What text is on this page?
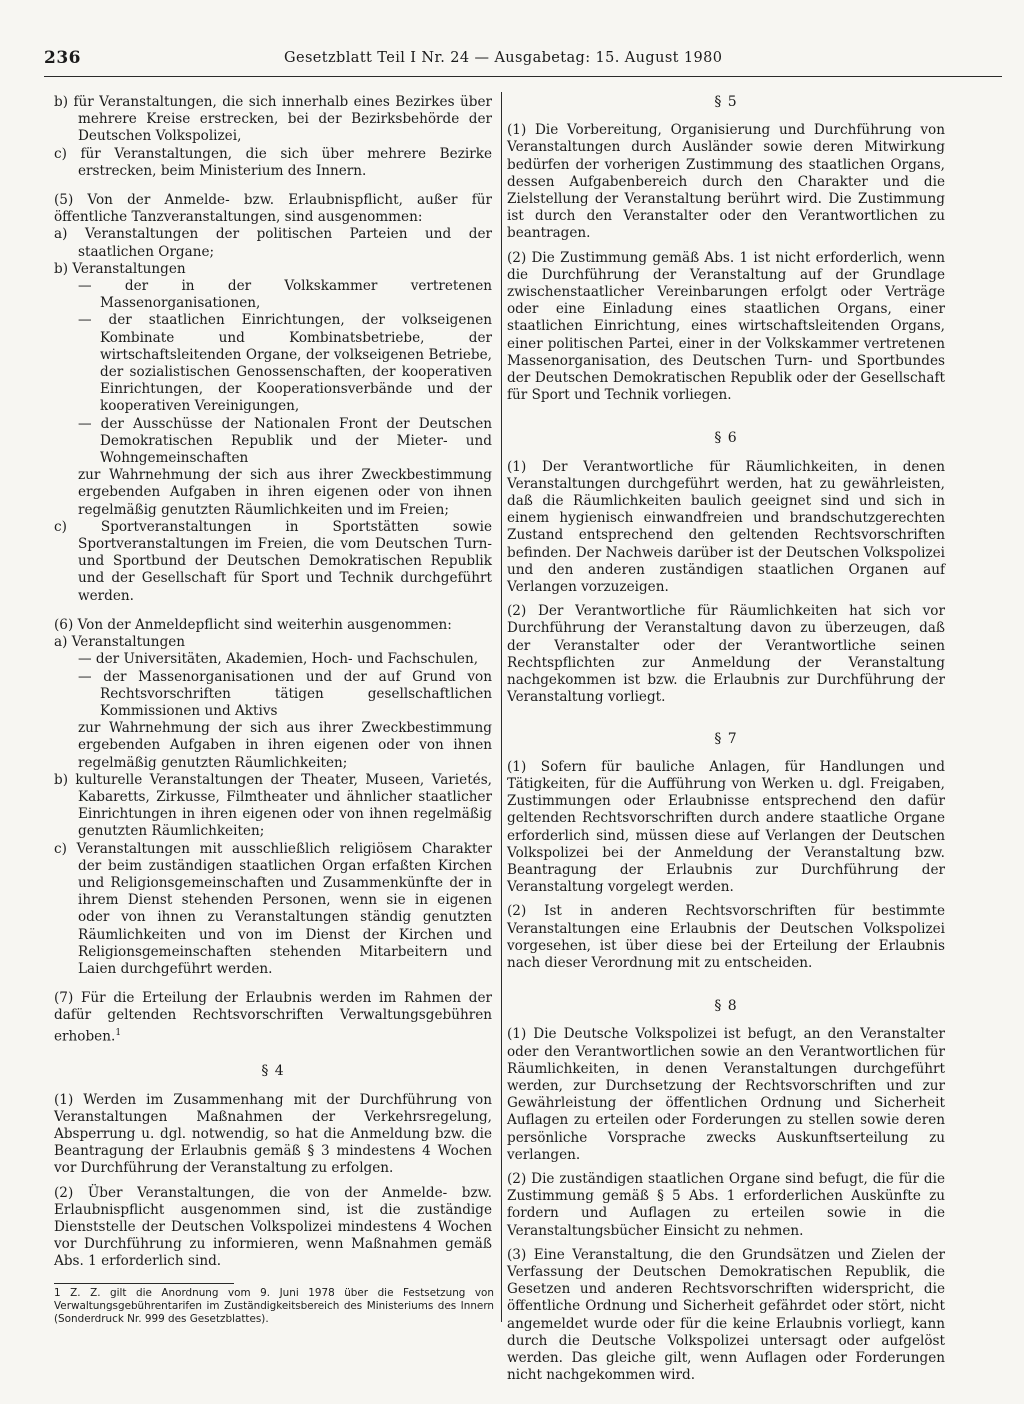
236	Gesetzblatt Teil I Nr. 24 — Ausgabetag: 15. August 1980

b) für Veranstaltungen, die sich innerhalb eines Bezirkes über mehrere Kreise erstrecken, bei der Bezirksbehörde der Deutschen Volkspolizei,

c) für Veranstaltungen, die sich über mehrere Bezirke erstrecken, beim Ministerium des Innern.

(5) Von der Anmelde- bzw. Erlaubnispflicht, außer für öffentliche Tanzveranstaltungen, sind ausgenommen:

a) Veranstaltungen der politischen Parteien und der staatlichen Organe;

b) Veranstaltungen

— der in der Volkskammer vertretenen Massenorganisationen,

— der staatlichen Einrichtungen, der volkseigenen Kombinate und Kombinatsbetriebe, der wirtschaftsleitenden Organe, der volkseigenen Betriebe, der sozialistischen Genossenschaften, der kooperativen Einrichtungen, der Kooperationsverbände und der kooperativen Vereinigungen,

— der Ausschüsse der Nationalen Front der Deutschen Demokratischen Republik und der Mieter- und Wohngemeinschaften

zur Wahrnehmung der sich aus ihrer Zweckbestimmung ergebenden Aufgaben in ihren eigenen oder von ihnen regelmäßig genutzten Räumlichkeiten und im Freien;

c) Sportveranstaltungen in Sportstätten sowie Sportveranstaltungen im Freien, die vom Deutschen Turn- und Sportbund der Deutschen Demokratischen Republik und der Gesellschaft für Sport und Technik durchgeführt werden.

(6) Von der Anmeldepflicht sind weiterhin ausgenommen:

a) Veranstaltungen

— der Universitäten, Akademien, Hoch- und Fachschulen,

— der Massenorganisationen und der auf Grund von Rechtsvorschriften tätigen gesellschaftlichen Kommissionen und Aktivs

zur Wahrnehmung der sich aus ihrer Zweckbestimmung ergebenden Aufgaben in ihren eigenen oder von ihnen regelmäßig genutzten Räumlichkeiten;

b) kulturelle Veranstaltungen der Theater, Museen, Varietés, Kabaretts, Zirkusse, Filmtheater und ähnlicher staatlicher Einrichtungen in ihren eigenen oder von ihnen regelmäßig genutzten Räumlichkeiten;

c) Veranstaltungen mit ausschließlich religiösem Charakter der beim zuständigen staatlichen Organ erfaßten Kirchen und Religionsgemeinschaften und Zusammenkünfte der in ihrem Dienst stehenden Personen, wenn sie in eigenen oder von ihnen zu Veranstaltungen ständig genutzten Räumlichkeiten und von im Dienst der Kirchen und Religionsgemeinschaften stehenden Mitarbeitern und Laien durchgeführt werden.

(7) Für die Erteilung der Erlaubnis werden im Rahmen der dafür geltenden Rechtsvorschriften Verwaltungsgebühren erhoben.$^1$

§ 4

(1) Werden im Zusammenhang mit der Durchführung von Veranstaltungen Maßnahmen der Verkehrsregelung, Absperrung u. dgl. notwendig, so hat die Anmeldung bzw. die Beantragung der Erlaubnis gemäß § 3 mindestens 4 Wochen vor Durchführung der Veranstaltung zu erfolgen.

(2) Über Veranstaltungen, die von der Anmelde- bzw. Erlaubnispflicht ausgenommen sind, ist die zuständige Dienststelle der Deutschen Volkspolizei mindestens 4 Wochen vor Durchführung zu informieren, wenn Maßnahmen gemäß Abs. 1 erforderlich sind.

1 Z. Z. gilt die Anordnung vom 9. Juni 1978 über die Festsetzung von Verwaltungsgebührentarifen im Zuständigkeitsbereich des Ministeriums des Innern (Sonderdruck Nr. 999 des Gesetzblattes).

§ 5

(1) Die Vorbereitung, Organisierung und Durchführung von Veranstaltungen durch Ausländer sowie deren Mitwirkung bedürfen der vorherigen Zustimmung des staatlichen Organs, dessen Aufgabenbereich durch den Charakter und die Zielstellung der Veranstaltung berührt wird. Die Zustimmung ist durch den Veranstalter oder den Verantwortlichen zu beantragen.

(2) Die Zustimmung gemäß Abs. 1 ist nicht erforderlich, wenn die Durchführung der Veranstaltung auf der Grundlage zwischenstaatlicher Vereinbarungen erfolgt oder Verträge oder eine Einladung eines staatlichen Organs, einer staatlichen Einrichtung, eines wirtschaftsleitenden Organs, einer politischen Partei, einer in der Volkskammer vertretenen Massenorganisation, des Deutschen Turn- und Sportbundes der Deutschen Demokratischen Republik oder der Gesellschaft für Sport und Technik vorliegen.

§ 6

(1) Der Verantwortliche für Räumlichkeiten, in denen Veranstaltungen durchgeführt werden, hat zu gewährleisten, daß die Räumlichkeiten baulich geeignet sind und sich in einem hygienisch einwandfreien und brandschutzgerechten Zustand entsprechend den geltenden Rechtsvorschriften befinden. Der Nachweis darüber ist der Deutschen Volkspolizei und den anderen zuständigen staatlichen Organen auf Verlangen vorzuzeigen.

(2) Der Verantwortliche für Räumlichkeiten hat sich vor Durchführung der Veranstaltung davon zu überzeugen, daß der Veranstalter oder der Verantwortliche seinen Rechtspflichten zur Anmeldung der Veranstaltung nachgekommen ist bzw. die Erlaubnis zur Durchführung der Veranstaltung vorliegt.

§ 7

(1) Sofern für bauliche Anlagen, für Handlungen und Tätigkeiten, für die Aufführung von Werken u. dgl. Freigaben, Zustimmungen oder Erlaubnisse entsprechend den dafür geltenden Rechtsvorschriften durch andere staatliche Organe erforderlich sind, müssen diese auf Verlangen der Deutschen Volkspolizei bei der Anmeldung der Veranstaltung bzw. Beantragung der Erlaubnis zur Durchführung der Veranstaltung vorgelegt werden.

(2) Ist in anderen Rechtsvorschriften für bestimmte Veranstaltungen eine Erlaubnis der Deutschen Volkspolizei vorgesehen, ist über diese bei der Erteilung der Erlaubnis nach dieser Verordnung mit zu entscheiden.

§ 8

(1) Die Deutsche Volkspolizei ist befugt, an den Veranstalter oder den Verantwortlichen sowie an den Verantwortlichen für Räumlichkeiten, in denen Veranstaltungen durchgeführt werden, zur Durchsetzung der Rechtsvorschriften und zur Gewährleistung der öffentlichen Ordnung und Sicherheit Auflagen zu erteilen oder Forderungen zu stellen sowie deren persönliche Vorsprache zwecks Auskunftserteilung zu verlangen.

(2) Die zuständigen staatlichen Organe sind befugt, die für die Zustimmung gemäß § 5 Abs. 1 erforderlichen Auskünfte zu fordern und Auflagen zu erteilen sowie in die Veranstaltungsbücher Einsicht zu nehmen.

(3) Eine Veranstaltung, die den Grundsätzen und Zielen der Verfassung der Deutschen Demokratischen Republik, die Gesetzen und anderen Rechtsvorschriften widerspricht, die öffentliche Ordnung und Sicherheit gefährdet oder stört, nicht angemeldet wurde oder für die keine Erlaubnis vorliegt, kann durch die Deutsche Volkspolizei untersagt oder aufgelöst werden. Das gleiche gilt, wenn Auflagen oder Forderungen nicht nachgekommen wird.
